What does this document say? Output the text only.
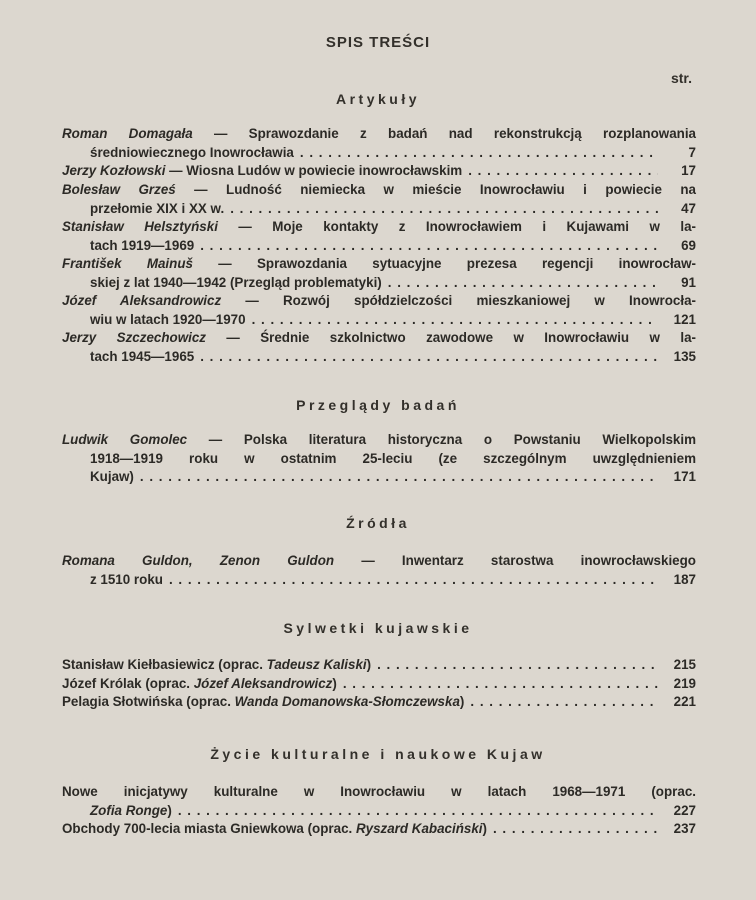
SPIS TREŚCI
str.
Artykuły
Roman Domagała — Sprawozdanie z badań nad rekonstrukcją rozplanowania
średniowiecznego Inowrocławia . . .	7
Jerzy Kozłowski — Wiosna Ludów w powiecie inowrocławskim . . .	17
Bolesław Grześ — Ludność niemiecka w mieście Inowrocławiu i powiecie na
przełomie XIX i XX w. . . .	47
Stanisław Helsztyński — Moje kontakty z Inowrocławiem i Kujawami w la-
tach 1919—1969 . . .	69
František Mainuš — Sprawozdania sytuacyjne prezesa regencji inowrocław-
skiej z lat 1940—1942 (Przegląd problematyki) . . .	91
Józef Aleksandrowicz — Rozwój spółdzielczości mieszkaniowej w Inowrocła-
wiu w latach 1920—1970 . . .	121
Jerzy Szczechowicz — Średnie szkolnictwo zawodowe w Inowrocławiu w la-
tach 1945—1965 . . .	135
Przeglądy badań
Ludwik Gomolec — Polska literatura historyczna o Powstaniu Wielkopolskim
1918—1919 roku w ostatnim 25-leciu (ze szczególnym uwzględnieniem
Kujaw) . . .	171
Źródła
Romana Guldon, Zenon Guldon — Inwentarz starostwa inowrocławskiego
z 1510 roku . . .	187
Sylwetki kujawskie
Stanisław Kiełbasiewicz (oprac. Tadeusz Kaliski) . . .	215
Józef Królak (oprac. Józef Aleksandrowicz) . . .	219
Pelagia Słotwińska (oprac. Wanda Domanowska-Słomczewska) . . .	221
Życie kulturalne i naukowe Kujaw
Nowe inicjatywy kulturalne w Inowrocławiu w latach 1968—1971 (oprac.
Zofia Ronge) . . .	227
Obchody 700-lecia miasta Gniewkowa (oprac. Ryszard Kabaciński) . . .	237
